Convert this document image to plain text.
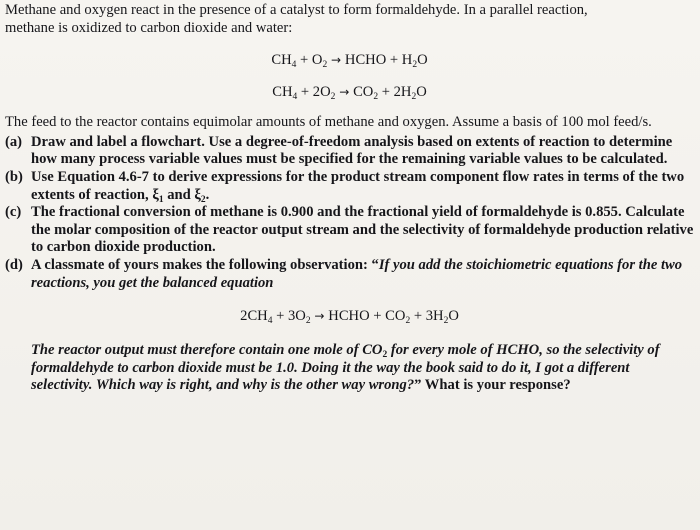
Methane and oxygen react in the presence of a catalyst to form formaldehyde. In a parallel reaction,
methane is oxidized to carbon dioxide and water:

$CH_4 + O_2$ → HCHO + $H_2O$

$CH_4 + 2O_2 \to CO_2 + 2H_2O$

The feed to the reactor contains equimolar amounts of methane and oxygen. Assume a basis of 100 mol feed/s.

(a) Draw and label a flowchart. Use a degree-of-freedom analysis based on extents of reaction to determine how many process variable values must be specified for the remaining variable values to be calculated.
(b) Use Equation 4.6-7 to derive expressions for the product stream component flow rates in terms of the two extents of reaction, $\xi_1$ and $\xi_2$.
(c) The fractional conversion of methane is 0.900 and the fractional yield of formaldehyde is 0.855. Calculate the molar composition of the reactor output stream and the selectivity of formaldehyde production relative to carbon dioxide production.
(d) A classmate of yours makes the following observation: “If you add the stoichiometric equations for the two reactions, you get the balanced equation

$2CH_4 + 3O_2$ → HCHO + $CO_2 + 3H_2O$

The reactor output must therefore contain one mole of $CO_2$ for every mole of HCHO, so the selectivity of formaldehyde to carbon dioxide must be 1.0. Doing it the way the book said to do it, I got a different selectivity. Which way is right, and why is the other way wrong?” What is your response?
